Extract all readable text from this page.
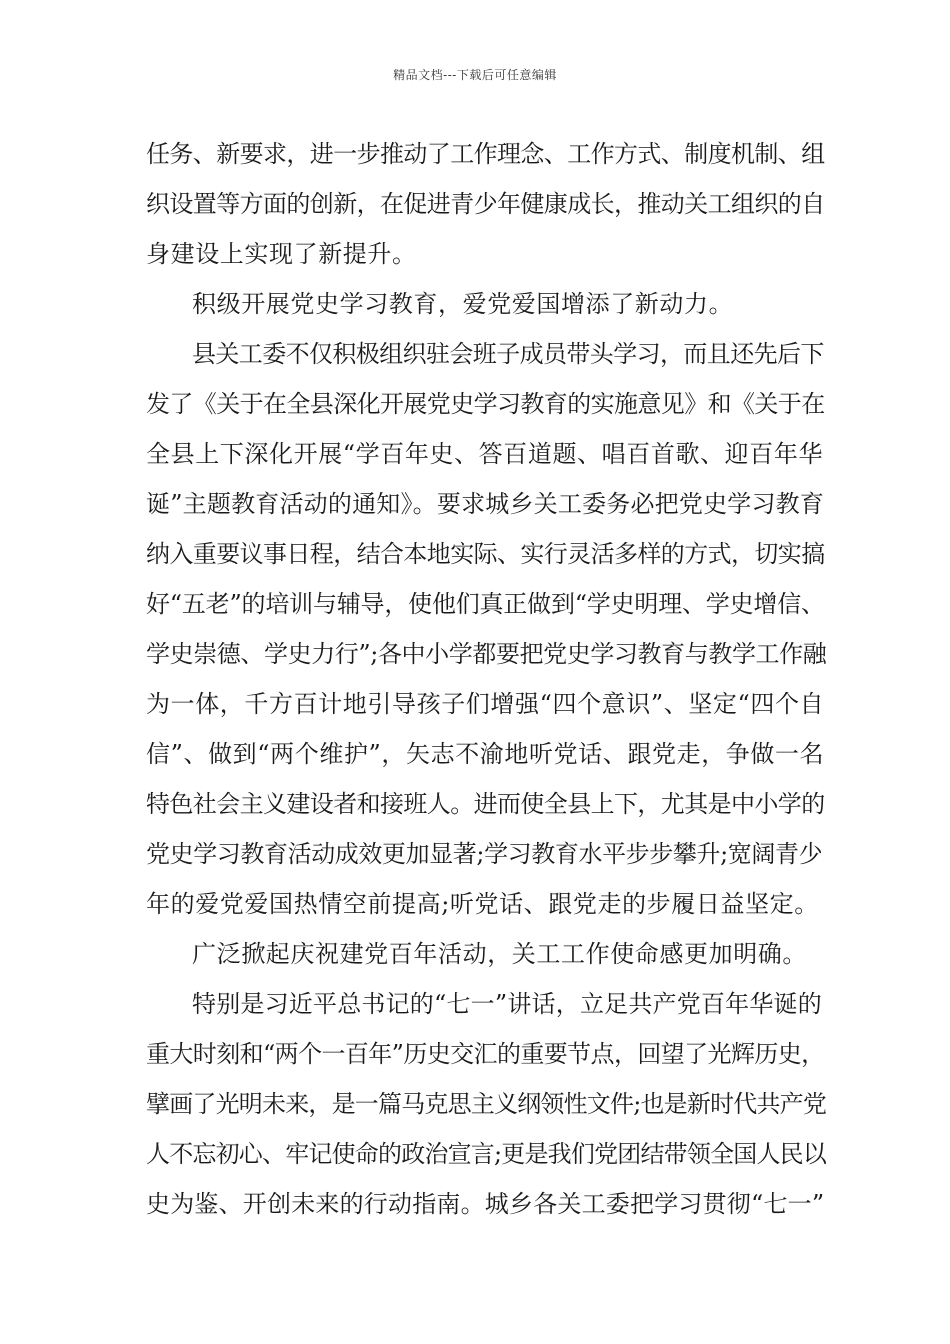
精品文档---下载后可任意编辑
任务、新要求，进一步推动了工作理念、工作方式、制度机制、组
织设置等方面的创新，在促进青少年健康成长，推动关工组织的自
身建设上实现了新提升。
积级开展党史学习教育，爱党爱国增添了新动力。
县关工委不仅积极组织驻会班子成员带头学习，而且还先后下
发了《关于在全县深化开展党史学习教育的实施意见》和《关于在
全县上下深化开展“学百年史、答百道题、唱百首歌、迎百年华
诞”主题教育活动的通知》。要求城乡关工委务必把党史学习教育
纳入重要议事日程，结合本地实际、实行灵活多样的方式，切实搞
好“五老”的培训与辅导，使他们真正做到“学史明理、学史增信、
学史崇德、学史力行”;各中小学都要把党史学习教育与教学工作融
为一体，千方百计地引导孩子们增强“四个意识”、坚定“四个自
信”、做到“两个维护”，矢志不渝地听党话、跟党走，争做一名
特色社会主义建设者和接班人。进而使全县上下，尤其是中小学的
党史学习教育活动成效更加显著;学习教育水平步步攀升;宽阔青少
年的爱党爱国热情空前提高;听党话、跟党走的步履日益坚定。
广泛掀起庆祝建党百年活动，关工工作使命感更加明确。
特别是习近平总书记的“七一”讲话，立足共产党百年华诞的
重大时刻和“两个一百年”历史交汇的重要节点，回望了光辉历史，
擘画了光明未来，是一篇马克思主义纲领性文件;也是新时代共产党
人不忘初心、牢记使命的政治宣言;更是我们党团结带领全国人民以
史为鉴、开创未来的行动指南。城乡各关工委把学习贯彻“七一”
